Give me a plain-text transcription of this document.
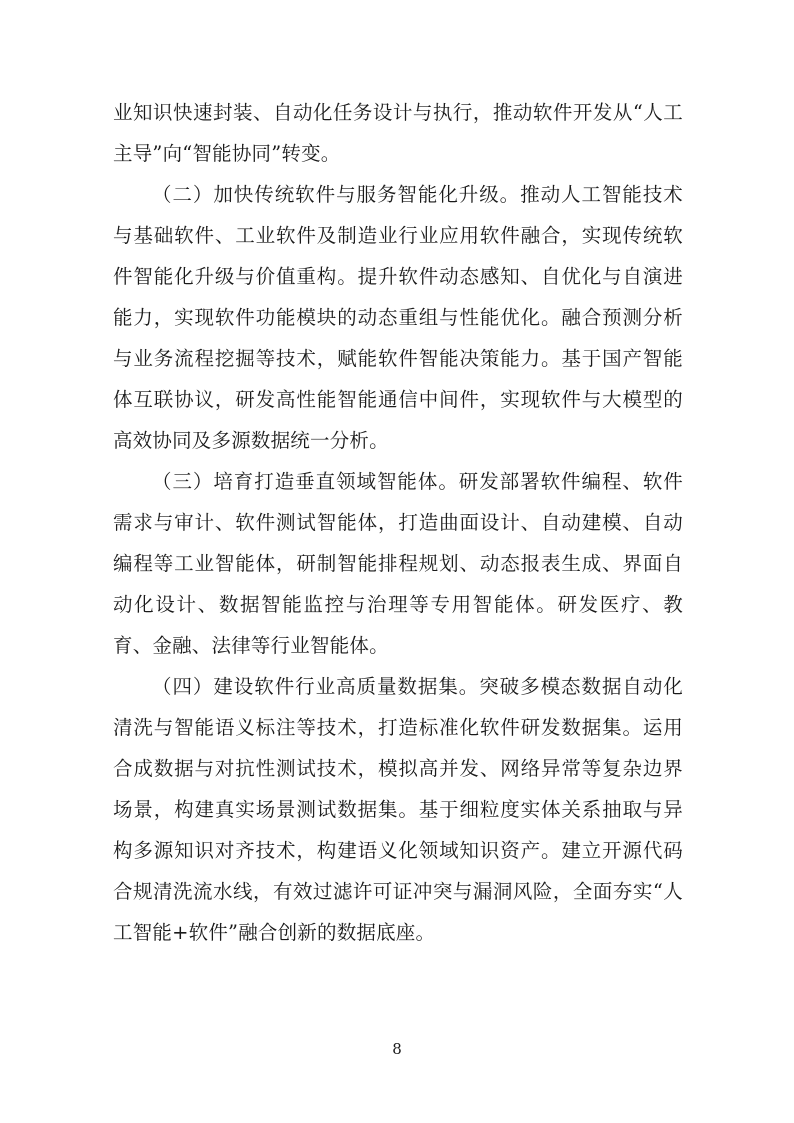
业知识快速封装、自动化任务设计与执行，推动软件开发从“人工主导”向“智能协同”转变。

（二）加快传统软件与服务智能化升级。推动人工智能技术与基础软件、工业软件及制造业行业应用软件融合，实现传统软件智能化升级与价值重构。提升软件动态感知、自优化与自演进能力，实现软件功能模块的动态重组与性能优化。融合预测分析与业务流程挖掘等技术，赋能软件智能决策能力。基于国产智能体互联协议，研发高性能智能通信中间件，实现软件与大模型的高效协同及多源数据统一分析。

（三）培育打造垂直领域智能体。研发部署软件编程、软件需求与审计、软件测试智能体，打造曲面设计、自动建模、自动编程等工业智能体，研制智能排程规划、动态报表生成、界面自动化设计、数据智能监控与治理等专用智能体。研发医疗、教育、金融、法律等行业智能体。

（四）建设软件行业高质量数据集。突破多模态数据自动化清洗与智能语义标注等技术，打造标准化软件研发数据集。运用合成数据与对抗性测试技术，模拟高并发、网络异常等复杂边界场景，构建真实场景测试数据集。基于细粒度实体关系抽取与异构多源知识对齐技术，构建语义化领域知识资产。建立开源代码合规清洗流水线，有效过滤许可证冲突与漏洞风险，全面夯实“人工智能+软件”融合创新的数据底座。

8
